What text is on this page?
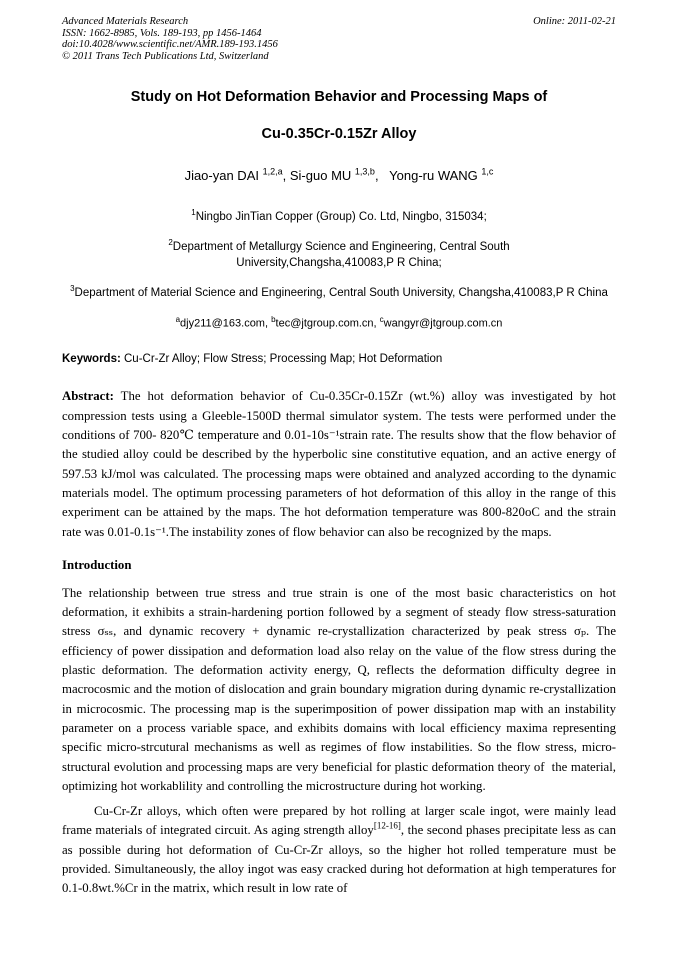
Advanced Materials Research
ISSN: 1662-8985, Vols. 189-193, pp 1456-1464
doi:10.4028/www.scientific.net/AMR.189-193.1456
© 2011 Trans Tech Publications Ltd, Switzerland
Online: 2011-02-21
Study on Hot Deformation Behavior and Processing Maps of
Cu-0.35Cr-0.15Zr Alloy
Jiao-yan DAI $^{1,2,a}$, Si-guo MU $^{1,3,b}$,   Yong-ru WANG $^{1,c}$
$^1$Ningbo JinTian Copper (Group) Co. Ltd, Ningbo, 315034;
$^2$Department of Metallurgy Science and Engineering, Central South University,Changsha,410083,P R China;
$^3$Department of Material Science and Engineering, Central South University, Changsha,410083,P R China
$^a$djy211@163.com, $^b$tec@jtgroup.com.cn, $^c$wangyr@jtgroup.com.cn

Keywords: Cu-Cr-Zr Alloy; Flow Stress; Processing Map; Hot Deformation

Abstract: The hot deformation behavior of Cu-0.35Cr-0.15Zr (wt.%) alloy was investigated by hot compression tests using a Gleeble-1500D thermal simulator system. The tests were performed under the conditions of 700- 820℃ temperature and 0.01-10s⁻¹strain rate. The results show that the flow behavior of the studied alloy could be described by the hyperbolic sine constitutive equation, and an active energy of 597.53 kJ/mol was calculated. The processing maps were obtained and analyzed according to the dynamic materials model. The optimum processing parameters of hot deformation of this alloy in the range of this experiment can be attained by the maps. The hot deformation temperature was 800-820oC and the strain rate was 0.01-0.1s⁻¹.The instability zones of flow behavior can also be recognized by the maps.

Introduction

The relationship between true stress and true strain is one of the most basic characteristics on hot deformation, it exhibits a strain-hardening portion followed by a segment of steady flow stress-saturation stress σₛₛ, and dynamic recovery + dynamic re-crystallization characterized by peak stress σₚ. The efficiency of power dissipation and deformation load also relay on the value of the flow stress during the plastic deformation. The deformation activity energy, Q, reflects the deformation difficulty degree in macrocosmic and the motion of dislocation and grain boundary migration during dynamic re-crystallization in microcosmic. The processing map is the superimposition of power dissipation map with an instability parameter on a process variable space, and exhibits domains with local efficiency maxima representing specific micro-strcutural mechanisms as well as regimes of flow instabilities. So the flow stress, micro-structural evolution and processing maps are very beneficial for plastic deformation theory of  the material, optimizing hot workablility and controlling the microstructure during hot working.

Cu-Cr-Zr alloys, which often were prepared by hot rolling at larger scale ingot, were mainly lead frame materials of integrated circuit. As aging strength alloy[12-16], the second phases precipitate less as can as possible during hot deformation of Cu-Cr-Zr alloys, so the higher hot rolled temperature must be provided. Simultaneously, the alloy ingot was easy cracked during hot deformation at high temperatures for 0.1-0.8wt.%Cr in the matrix, which result in low rate of
